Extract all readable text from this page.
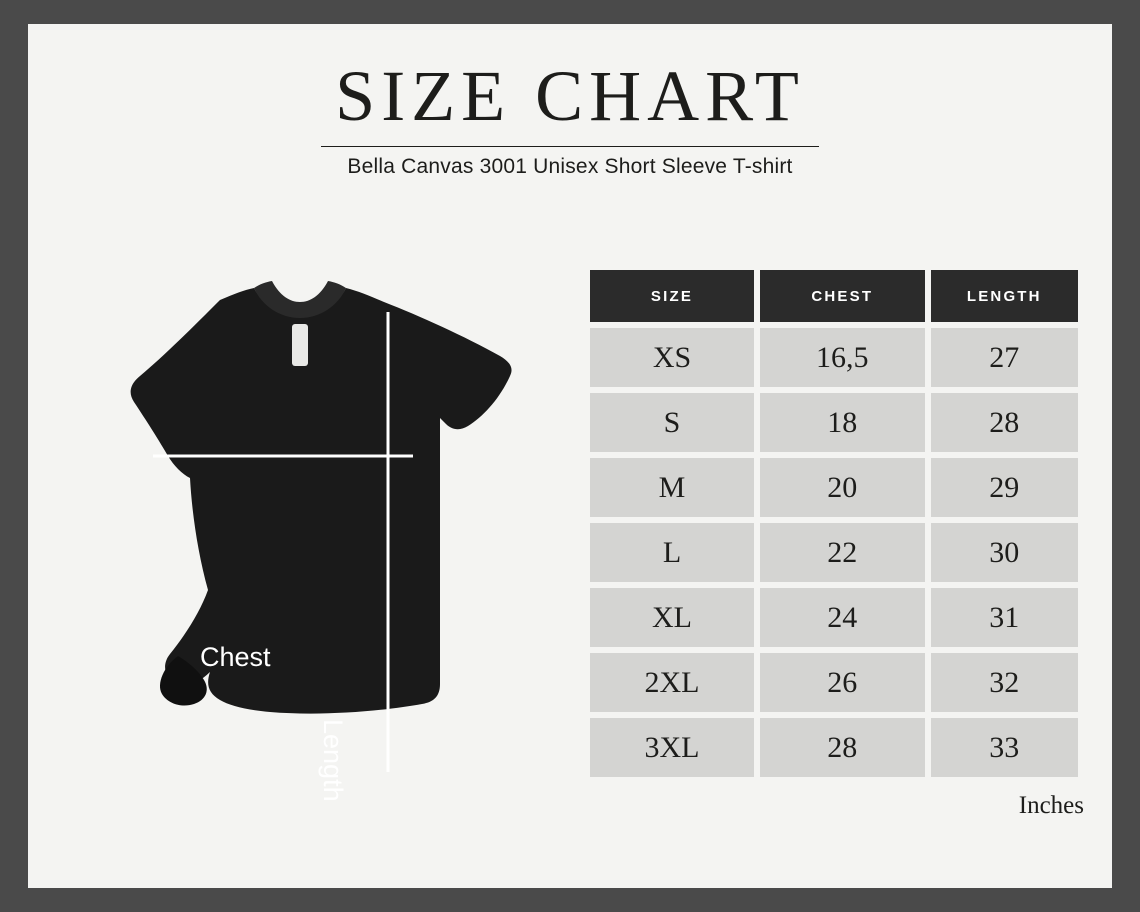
SIZE CHART
Bella Canvas 3001 Unisex Short Sleeve T-shirt
Chest
Length
SIZE	CHEST	LENGTH
XS	16,5	27
S	18	28
M	20	29
L	22	30
XL	24	31
2XL	26	32
3XL	28	33
Inches
